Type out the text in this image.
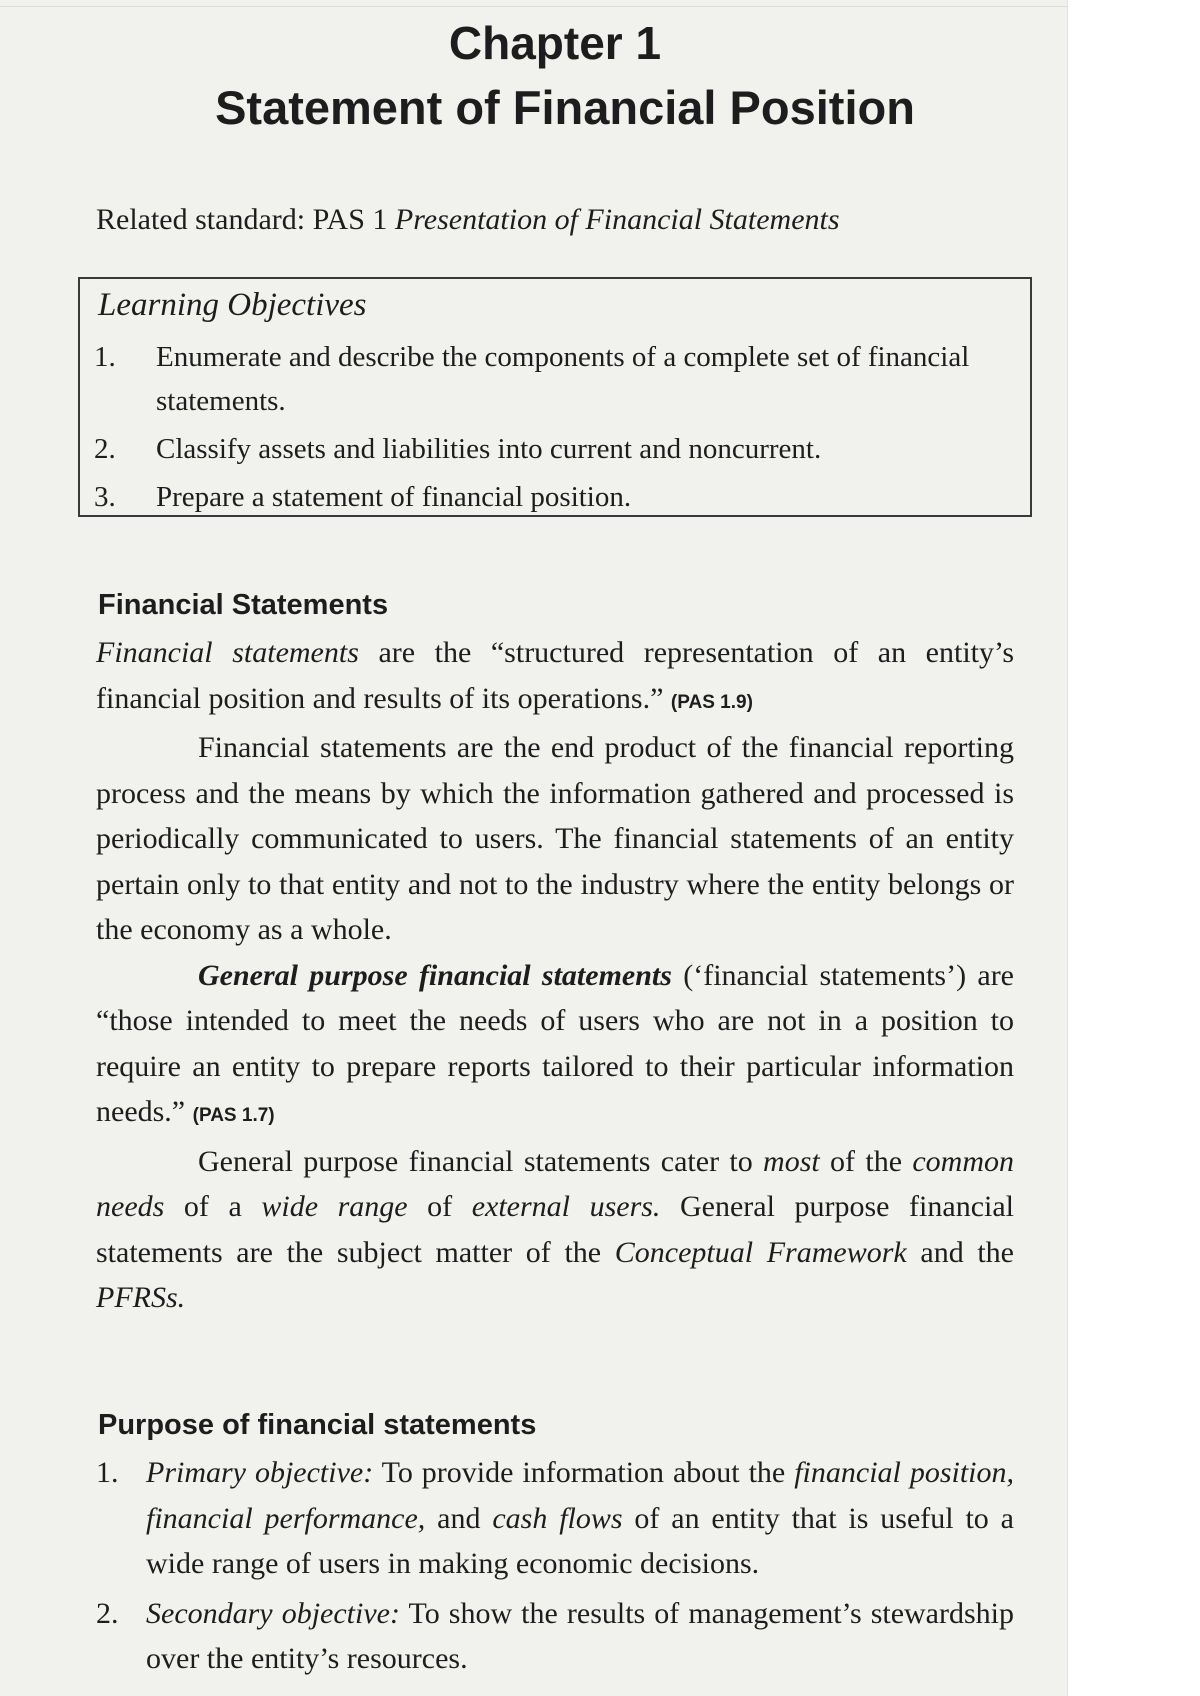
Chapter 1
Statement of Financial Position
Related standard: PAS 1 Presentation of Financial Statements
Learning Objectives
1. Enumerate and describe the components of a complete set of financial statements.
2. Classify assets and liabilities into current and noncurrent.
3. Prepare a statement of financial position.
Financial Statements

Financial statements are the “structured representation of an entity’s financial position and results of its operations.” (PAS 1.9)

Financial statements are the end product of the financial reporting process and the means by which the information gathered and processed is periodically communicated to users. The financial statements of an entity pertain only to that entity and not to the industry where the entity belongs or the economy as a whole.

General purpose financial statements (‘financial statements’) are “those intended to meet the needs of users who are not in a position to require an entity to prepare reports tailored to their particular information needs.” (PAS 1.7)

General purpose financial statements cater to most of the common needs of a wide range of external users. General purpose financial statements are the subject matter of the Conceptual Framework and the PFRSs.

Purpose of financial statements
1. Primary objective: To provide information about the financial position, financial performance, and cash flows of an entity that is useful to a wide range of users in making economic decisions.
2. Secondary objective: To show the results of management’s stewardship over the entity’s resources.
